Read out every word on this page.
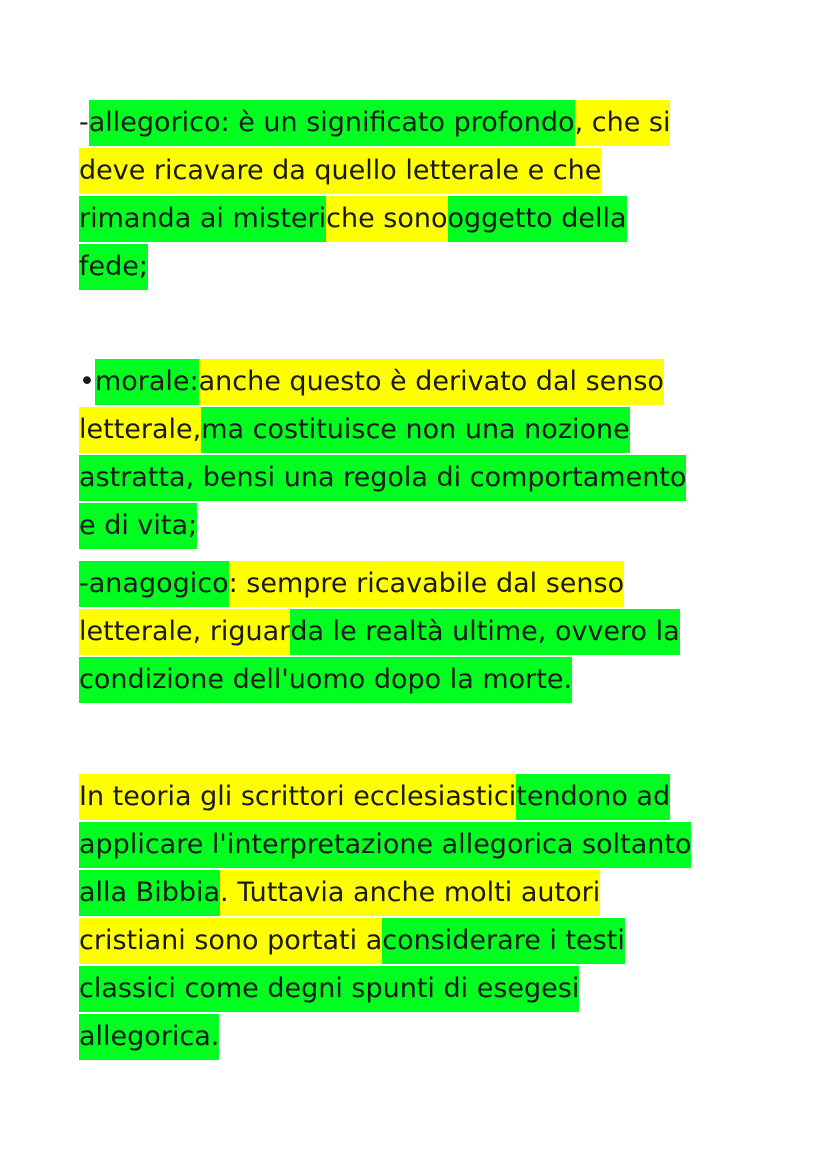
-allegorico: è un significato profondo, che si
deve ricavare da quello letterale e che
rimanda ai misteriche sonooggetto della
fede;

•morale:anche questo è derivato dal senso
letterale,ma costituisce non una nozione
astratta, bensi una regola di comportamento
e di vita;

-anagogico: sempre ricavabile dal senso
letterale, riguarda le realtà ultime, ovvero la
condizione dell'uomo dopo la morte.

In teoria gli scrittori ecclesiasticitendono ad
applicare l'interpretazione allegorica soltanto
alla Bibbia. Tuttavia anche molti autori
cristiani sono portati aconsiderare i testi
classici come degni spunti di esegesi
allegorica.
